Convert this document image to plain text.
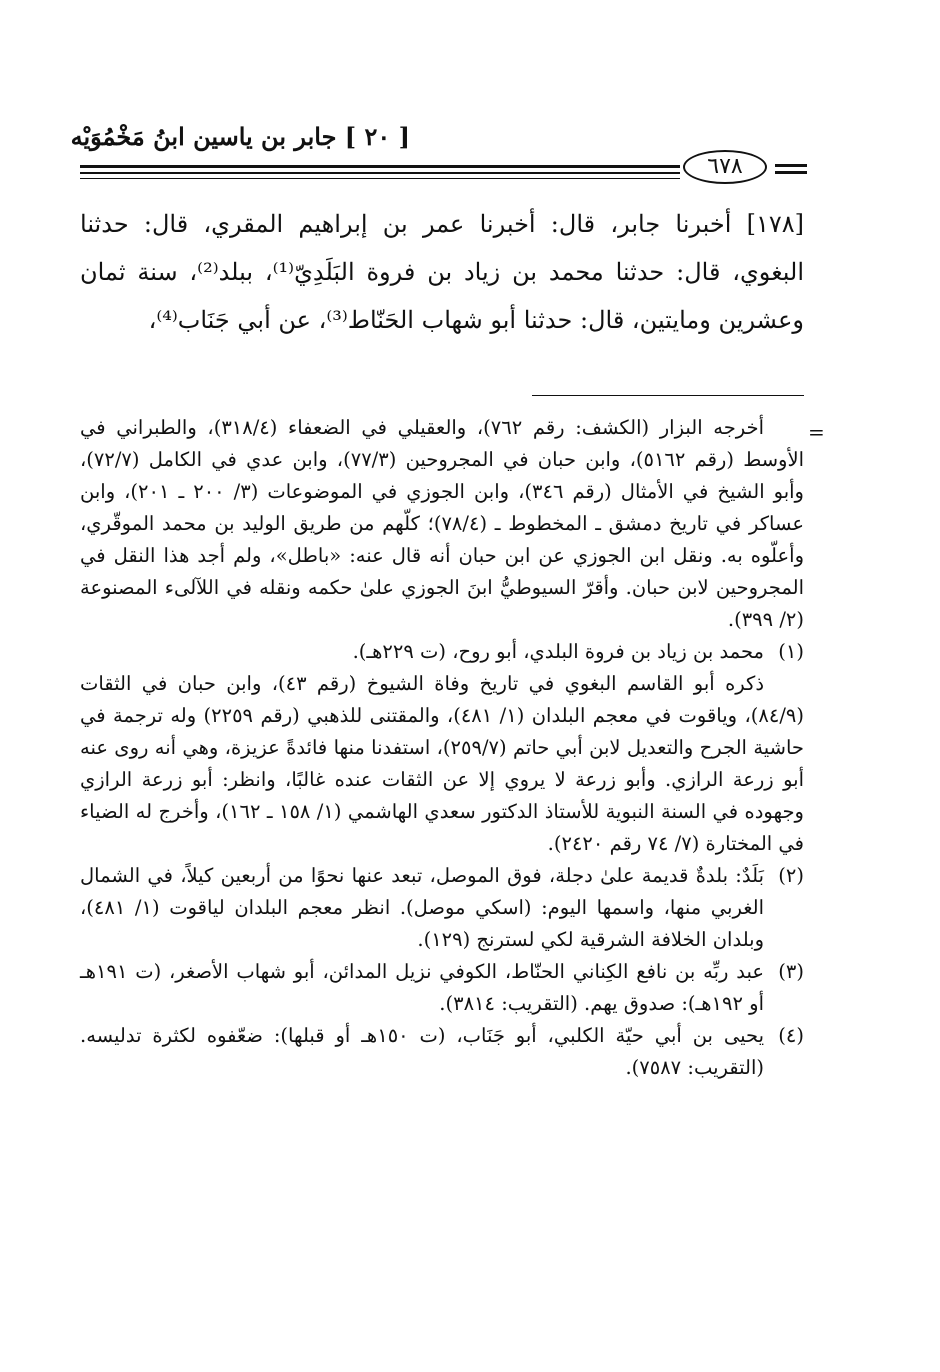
[ ٢٠ ] جابر بن ياسين ابنُ مَخْمُوَيْه
٦٧٨

[١٧٨] أخبرنا جابر، قال: أخبرنا عمر بن إبراهيم المقري، قال: حدثنا البغوي، قال: حدثنا محمد بن زياد بن فروة البَلَدِيّ⁽¹⁾، ببلد⁽²⁾، سنة ثمان وعشرين ومايتين، قال: حدثنا أبو شهاب الحَنّاط⁽³⁾، عن أبي جَنَاب⁽⁴⁾،

=
أخرجه البزار (الكشف: رقم ٧٦٢)، والعقيلي في الضعفاء (٣١٨/٤)، والطبراني في الأوسط (رقم ٥١٦٢)، وابن حبان في المجروحين (٧٧/٣)، وابن عدي في الكامل (٧٢/٧)، وأبو الشيخ في الأمثال (رقم ٣٤٦)، وابن الجوزي في الموضوعات (٣/ ٢٠٠ ـ ٢٠١)، وابن عساكر في تاريخ دمشق ـ المخطوط ـ (٧٨/٤)؛ كلّهم من طريق الوليد بن محمد الموقّري، وأعلّوه به. ونقل ابن الجوزي عن ابن حبان أنه قال عنه: «باطل»، ولم أجد هذا النقل في المجروحين لابن حبان. وأقرّ السيوطيُّ ابنَ الجوزي علىٰ حكمه ونقله في اللآلىء المصنوعة (٢/ ٣٩٩).
(١)
محمد بن زياد بن فروة البلدي، أبو روح، (ت ٢٢٩هـ).
ذكره أبو القاسم البغوي في تاريخ وفاة الشيوخ (رقم ٤٣)، وابن حبان في الثقات (٨٤/٩)، وياقوت في معجم البلدان (١/ ٤٨١)، والمقتنى للذهبي (رقم ٢٢٥٩) وله ترجمة في حاشية الجرح والتعديل لابن أبي حاتم (٢٥٩/٧)، استفدنا منها فائدةً عزيزة، وهي أنه روى عنه أبو زرعة الرازي. وأبو زرعة لا يروي إلا عن الثقات عنده غالبًا، وانظر: أبو زرعة الرازي وجهوده في السنة النبوية للأستاذ الدكتور سعدي الهاشمي (١/ ١٥٨ ـ ١٦٢)، وأخرج له الضياء في المختارة (٧/ ٧٤ رقم ٢٤٢٠).
(٢)
بَلَدٌ: بلدةٌ قديمة علىٰ دجلة، فوق الموصل، تبعد عنها نحوًا من أربعين كيلاً، في الشمال الغربي منها، واسمها اليوم: (اسكي موصل). انظر معجم البلدان لياقوت (١/ ٤٨١)، وبلدان الخلافة الشرقية لكي لسترنج (١٢٩).
(٣)
عبد ربِّه بن نافع الكِناني الحنّاط، الكوفي نزيل المدائن، أبو شهاب الأصغر، (ت ١٩١هـ أو ١٩٢هـ): صدوق يهم. (التقريب: ٣٨١٤).
(٤)
يحيى بن أبي حيّة الكلبي، أبو جَنَاب، (ت ١٥٠هـ أو قبلها): ضعّفوه لكثرة تدليسه. (التقريب: ٧٥٨٧).
